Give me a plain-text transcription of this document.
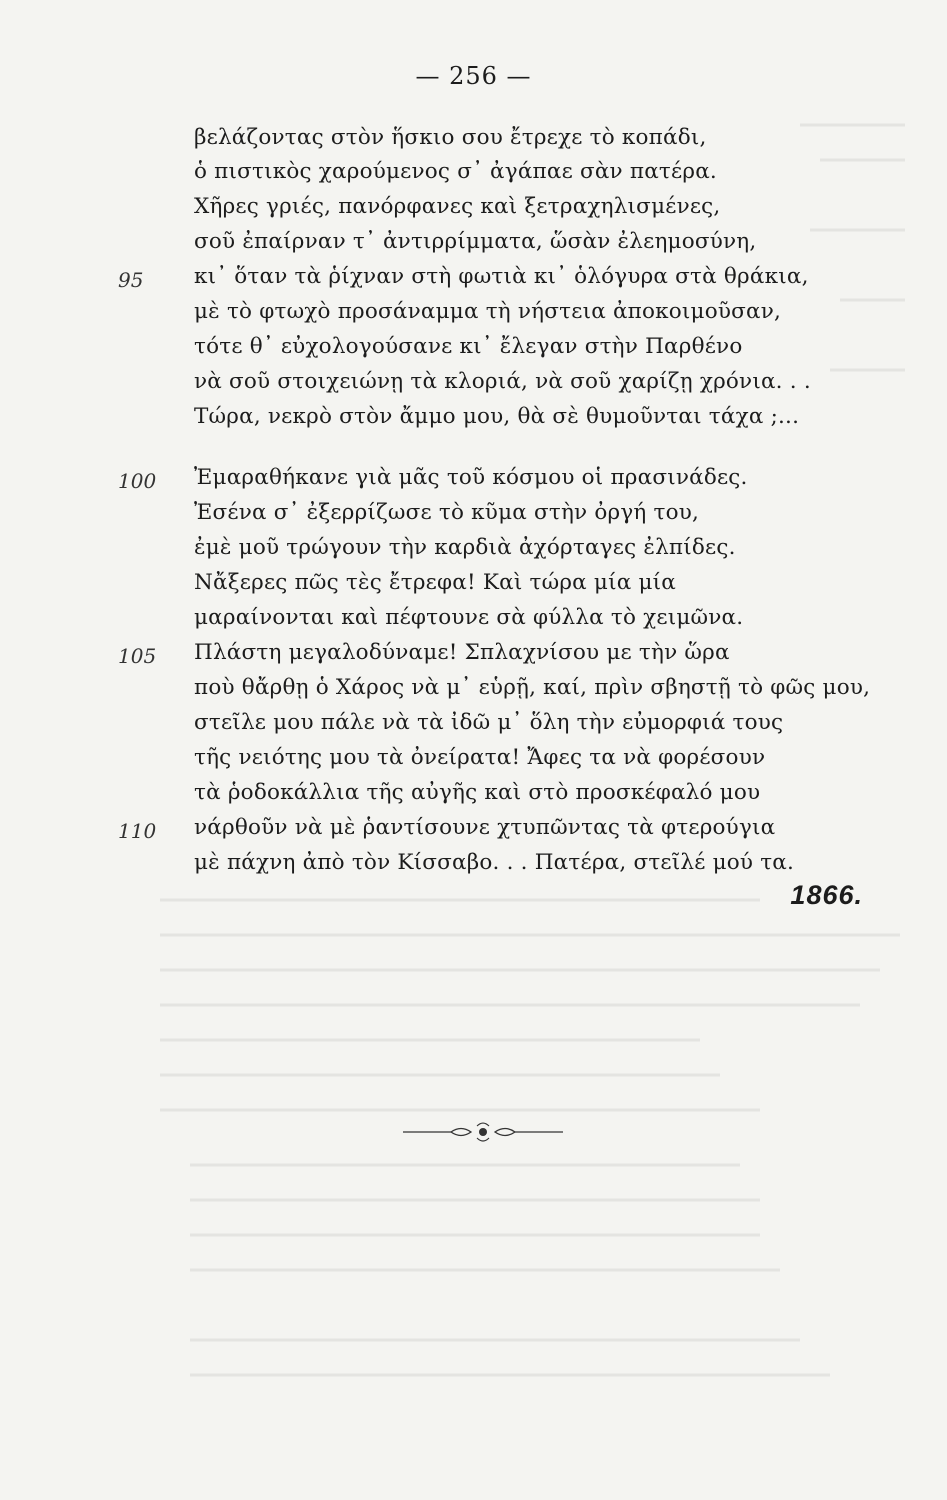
— 256 —
βελάζοντας στὸν ἥσκιο σου ἔτρεχε τὸ κοπάδι,
ὁ πιστικὸς χαρούμενος σ᾽ ἀγάπαε σὰν πατέρα.
Χῆρες γριές, πανόρφανες καὶ ξετραχηλισμένες,
σοῦ ἐπαίρναν τ᾽ ἀντιρρίμματα, ὥσὰν ἐλεημοσύνη,
95	κι᾽ ὅταν τὰ ῥίχναν στὴ φωτιὰ κι᾽ ὁλόγυρα στὰ θράκια,
μὲ τὸ φτωχὸ προσάναμμα τὴ νήστεια ἀποκοιμοῦσαν,
τότε θ᾽ εὐχολογούσανε κι᾽ ἔλεγαν στὴν Παρθένο
νὰ σοῦ στοιχειώνῃ τὰ κλοριά, νὰ σοῦ χαρίζῃ χρόνια. . .
Τώρα, νεκρὸ στὸν ἄμμο μου, θὰ σὲ θυμοῦνται τάχα ;...
100	Ἐμαραθήκανε γιὰ μᾶς τοῦ κόσμου οἱ πρασινάδες.
Ἐσένα σ᾽ ἐξερρίζωσε τὸ κῦμα στὴν ὀργή του,
ἐμὲ μοῦ τρώγουν τὴν καρδιὰ ἀχόρταγες ἐλπίδες.
Νἄξερες πῶς τὲς ἔτρεφα! Καὶ τώρα μία μία
μαραίνονται καὶ πέφτουνε σὰ φύλλα τὸ χειμῶνα.
105	Πλάστη μεγαλοδύναμε! Σπλαχνίσου με τὴν ὥρα
ποὺ θἄρθῃ ὁ Χάρος νὰ μ᾽ εὑρῇ, καί, πρὶν σβηστῇ τὸ φῶς μου,
στεῖλε μου πάλε νὰ τὰ ἰδῶ μ᾽ ὅλη τὴν εὐμορφιά τους
τῆς νειότης μου τὰ ὀνείρατα! Ἄφες τα νὰ φορέσουν
τὰ ῥοδοκάλλια τῆς αὐγῆς καὶ στὸ προσκέφαλό μου
110	νάρθοῦν νὰ μὲ ῥαντίσουνε χτυπῶντας τὰ φτερούγια
μὲ πάχνη ἀπὸ τὸν Κίσσαβο. . . Πατέρα, στεῖλέ μού τα.
1866.
